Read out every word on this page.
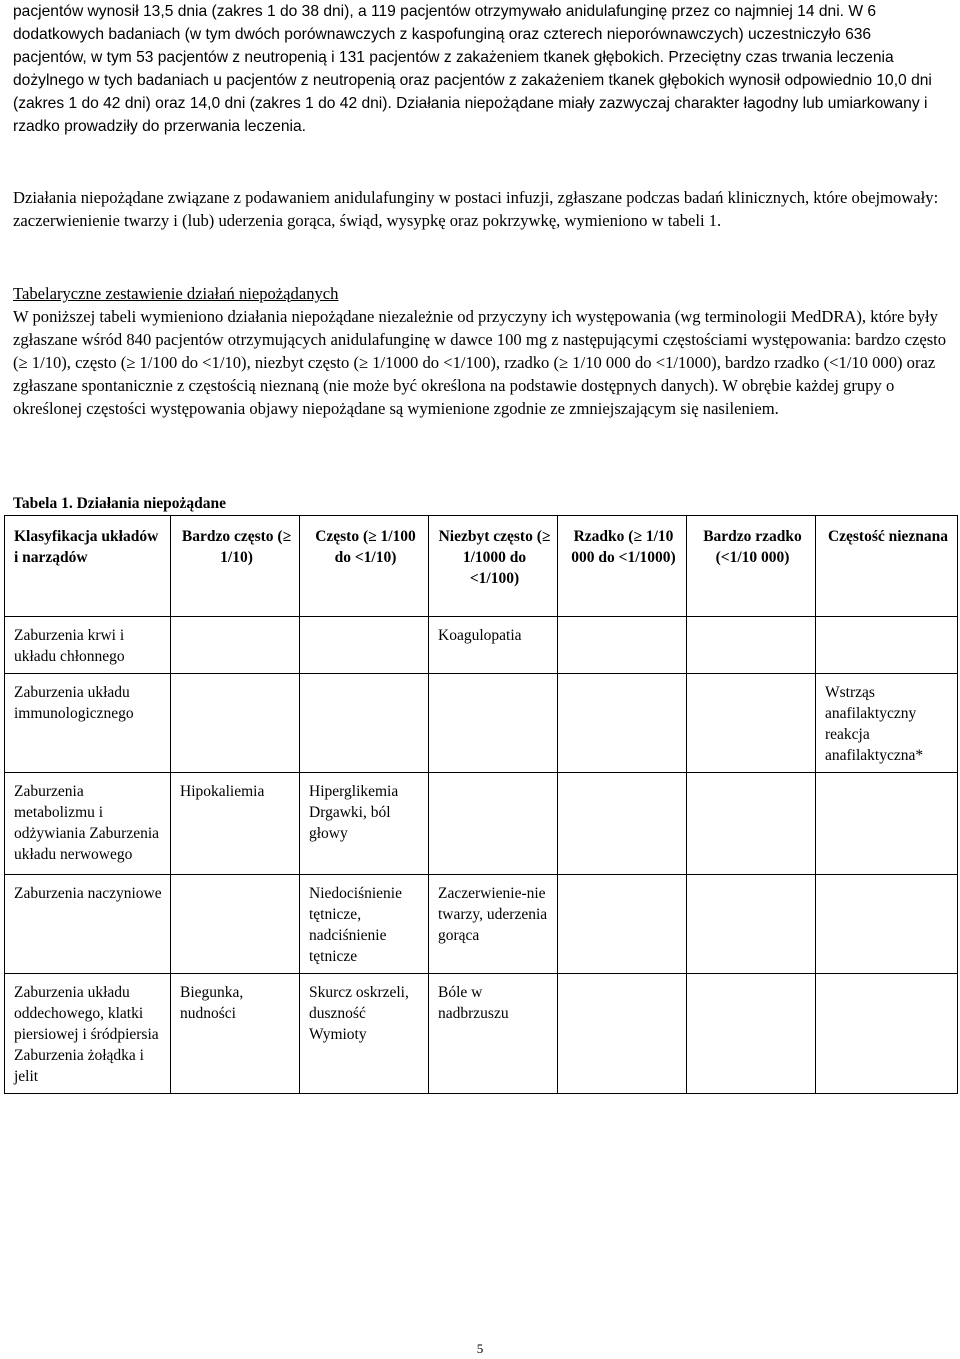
pacjentów wynosił 13,5 dnia (zakres 1 do 38 dni), a 119 pacjentów otrzymywało anidulafunginę przez co najmniej 14 dni. W 6 dodatkowych badaniach (w tym dwóch porównawczych z kaspofunginą oraz czterech nieporównawczych) uczestniczyło 636 pacjentów, w tym 53 pacjentów z neutropenią i 131 pacjentów z zakażeniem tkanek głębokich. Przeciętny czas trwania leczenia dożylnego w tych badaniach u pacjentów z neutropenią oraz pacjentów z zakażeniem tkanek głębokich wynosił odpowiednio 10,0 dni (zakres 1 do 42 dni) oraz 14,0 dni (zakres 1 do 42 dni). Działania niepożądane miały zazwyczaj charakter łagodny lub umiarkowany i rzadko prowadziły do przerwania leczenia.

Działania niepożądane związane z podawaniem anidulafunginy w postaci infuzji, zgłaszane podczas badań klinicznych, które obejmowały: zaczerwienienie twarzy i (lub) uderzenia gorąca, świąd, wysypkę oraz pokrzywkę, wymieniono w tabeli 1.

Tabelaryczne zestawienie działań niepożądanych

W poniższej tabeli wymieniono działania niepożądane niezależnie od przyczyny ich występowania (wg terminologii MedDRA), które były zgłaszane wśród 840 pacjentów otrzymujących anidulafunginę w dawce 100 mg z następującymi częstościami występowania: bardzo często (≥ 1/10), często (≥ 1/100 do <1/10), niezbyt często (≥ 1/1000 do <1/100), rzadko (≥ 1/10 000 do <1/1000), bardzo rzadko (<1/10 000) oraz zgłaszane spontanicznie z częstością nieznaną (nie może być określona na podstawie dostępnych danych). W obrębie każdej grupy o określonej częstości występowania objawy niepożądane są wymienione zgodnie ze zmniejszającym się nasileniem.

Tabela 1. Działania niepożądane
Klasyfikacja układów i narządów	Bardzo często (≥ 1/10)	Często (≥ 1/100 do <1/10)	Niezbyt często (≥ 1/1000 do <1/100)	Rzadko (≥ 1/10 000 do <1/1000)	Bardzo rzadko (<1/10 000)	Częstość nieznana
Zaburzenia krwi i układu chłonnego			Koagulopatia			
Zaburzenia układu immunologicznego						Wstrząs anafilaktyczny reakcja anafilaktyczna*
Zaburzenia metabolizmu i odżywiania Zaburzenia układu nerwowego	Hipokaliemia	Hiperglikemia Drgawki, ból głowy				
Zaburzenia naczyniowe		Niedociśnienie tętnicze, nadciśnienie tętnicze	Zaczerwienie-nie twarzy, uderzenia gorąca			
Zaburzenia układu oddechowego, klatki piersiowej i śródpiersia Zaburzenia żołądka i jelit	Biegunka, nudności	Skurcz oskrzeli, duszność Wymioty	Bóle w nadbrzuszu			
5
